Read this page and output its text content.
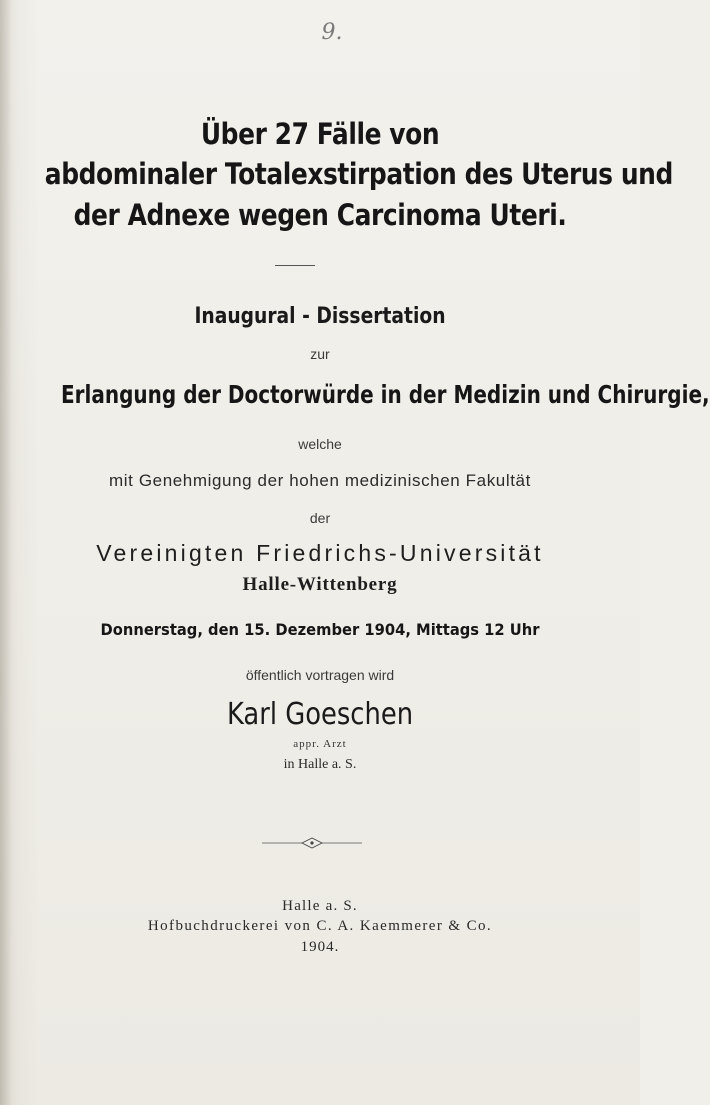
9.

Über 27 Fälle von

abdominaler Totalexstirpation des Uterus und

der Adnexe wegen Carcinoma Uteri.

Inaugural - Dissertation

zur

Erlangung der Doctorwürde in der Medizin und Chirurgie,

welche

mit Genehmigung der hohen medizinischen Fakultät

der

Vereinigten Friedrichs-Universität

Halle-Wittenberg

Donnerstag, den 15. Dezember 1904, Mittags 12 Uhr

öffentlich vortragen wird

Karl Goeschen

appr. Arzt

in Halle a. S.

Halle a. S.

Hofbuchdruckerei von C. A. Kaemmerer & Co.

1904.
